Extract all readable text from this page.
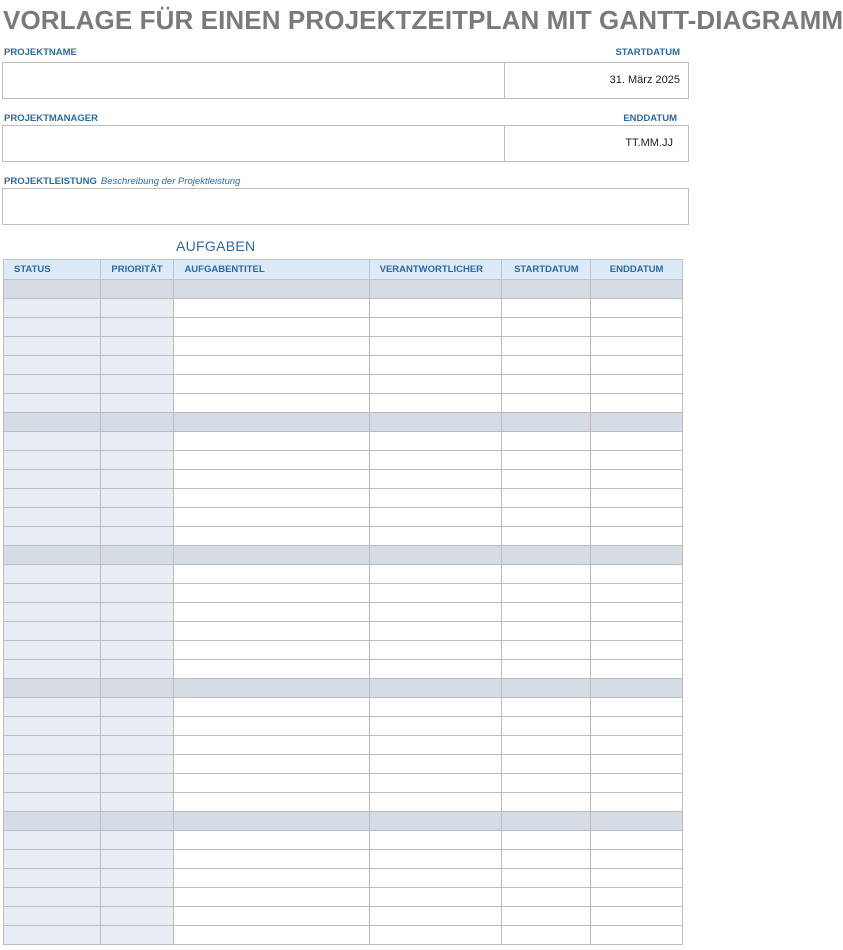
VORLAGE FÜR EINEN PROJEKTZEITPLAN MIT GANTT-DIAGRAMM
PROJEKTNAME	STARTDATUM
31. März 2025
PROJEKTMANAGER	ENDDATUM
TT.MM.JJ
PROJEKTLEISTUNG Beschreibung der Projektleistung
AUFGABEN
STATUS	PRIORITÄT	AUFGABENTITEL	VERANTWORTLICHER	STARTDATUM	ENDDATUM
